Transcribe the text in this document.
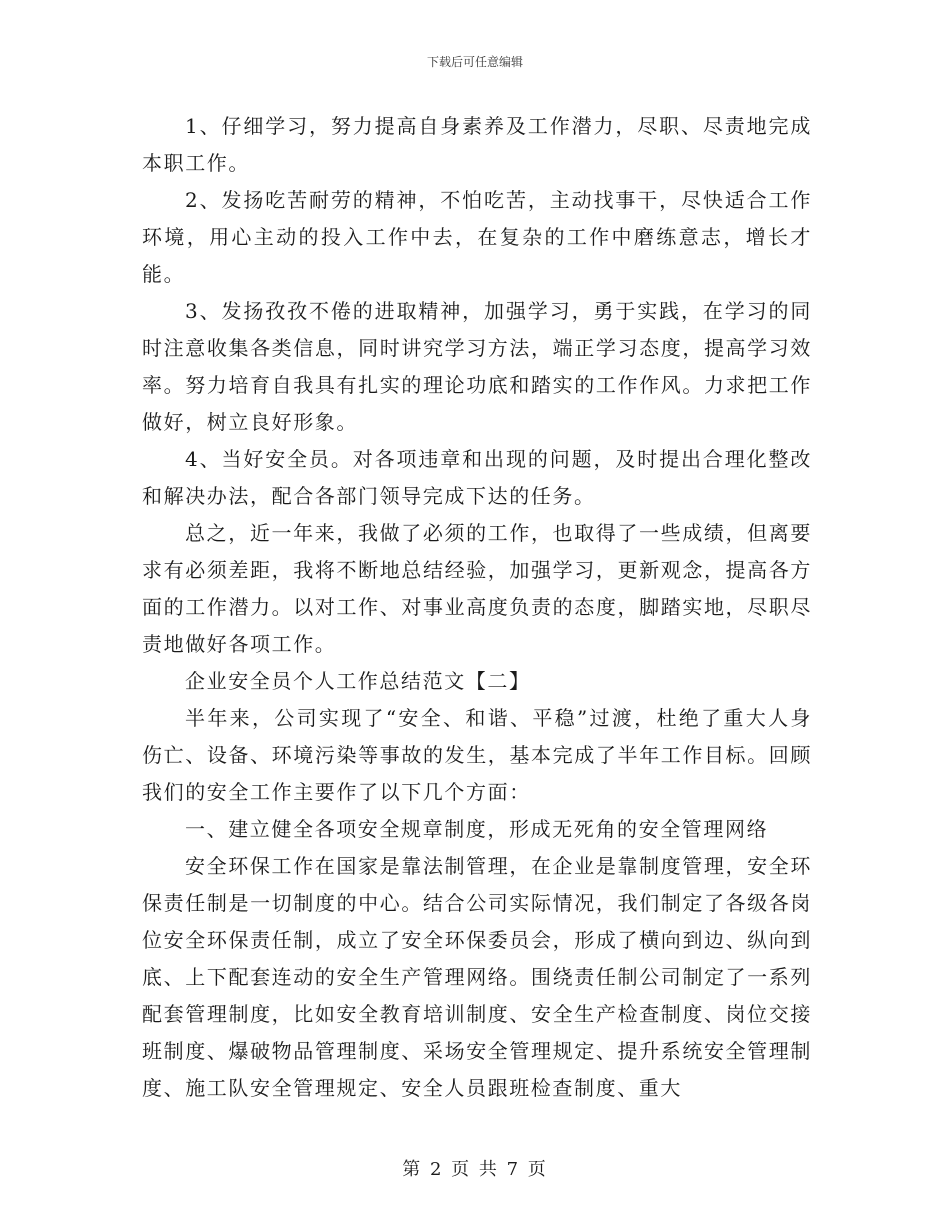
下载后可任意编辑

1、仔细学习，努力提高自身素养及工作潜力，尽职、尽责地完成本职工作。

2、发扬吃苦耐劳的精神，不怕吃苦，主动找事干，尽快适合工作环境，用心主动的投入工作中去，在复杂的工作中磨练意志，增长才能。

3、发扬孜孜不倦的进取精神，加强学习，勇于实践，在学习的同时注意收集各类信息，同时讲究学习方法，端正学习态度，提高学习效率。努力培育自我具有扎实的理论功底和踏实的工作作风。力求把工作做好，树立良好形象。

4、当好安全员。对各项违章和出现的问题，及时提出合理化整改和解决办法，配合各部门领导完成下达的任务。

总之，近一年来，我做了必须的工作，也取得了一些成绩，但离要求有必须差距，我将不断地总结经验，加强学习，更新观念，提高各方面的工作潜力。以对工作、对事业高度负责的态度，脚踏实地，尽职尽责地做好各项工作。

企业安全员个人工作总结范文【二】

半年来，公司实现了“安全、和谐、平稳”过渡，杜绝了重大人身伤亡、设备、环境污染等事故的发生，基本完成了半年工作目标。回顾我们的安全工作主要作了以下几个方面：

一、建立健全各项安全规章制度，形成无死角的安全管理网络

安全环保工作在国家是靠法制管理，在企业是靠制度管理，安全环保责任制是一切制度的中心。结合公司实际情况，我们制定了各级各岗位安全环保责任制，成立了安全环保委员会，形成了横向到边、纵向到底、上下配套连动的安全生产管理网络。围绕责任制公司制定了一系列配套管理制度，比如安全教育培训制度、安全生产检查制度、岗位交接班制度、爆破物品管理制度、采场安全管理规定、提升系统安全管理制度、施工队安全管理规定、安全人员跟班检查制度、重大

第 2 页 共 7 页
